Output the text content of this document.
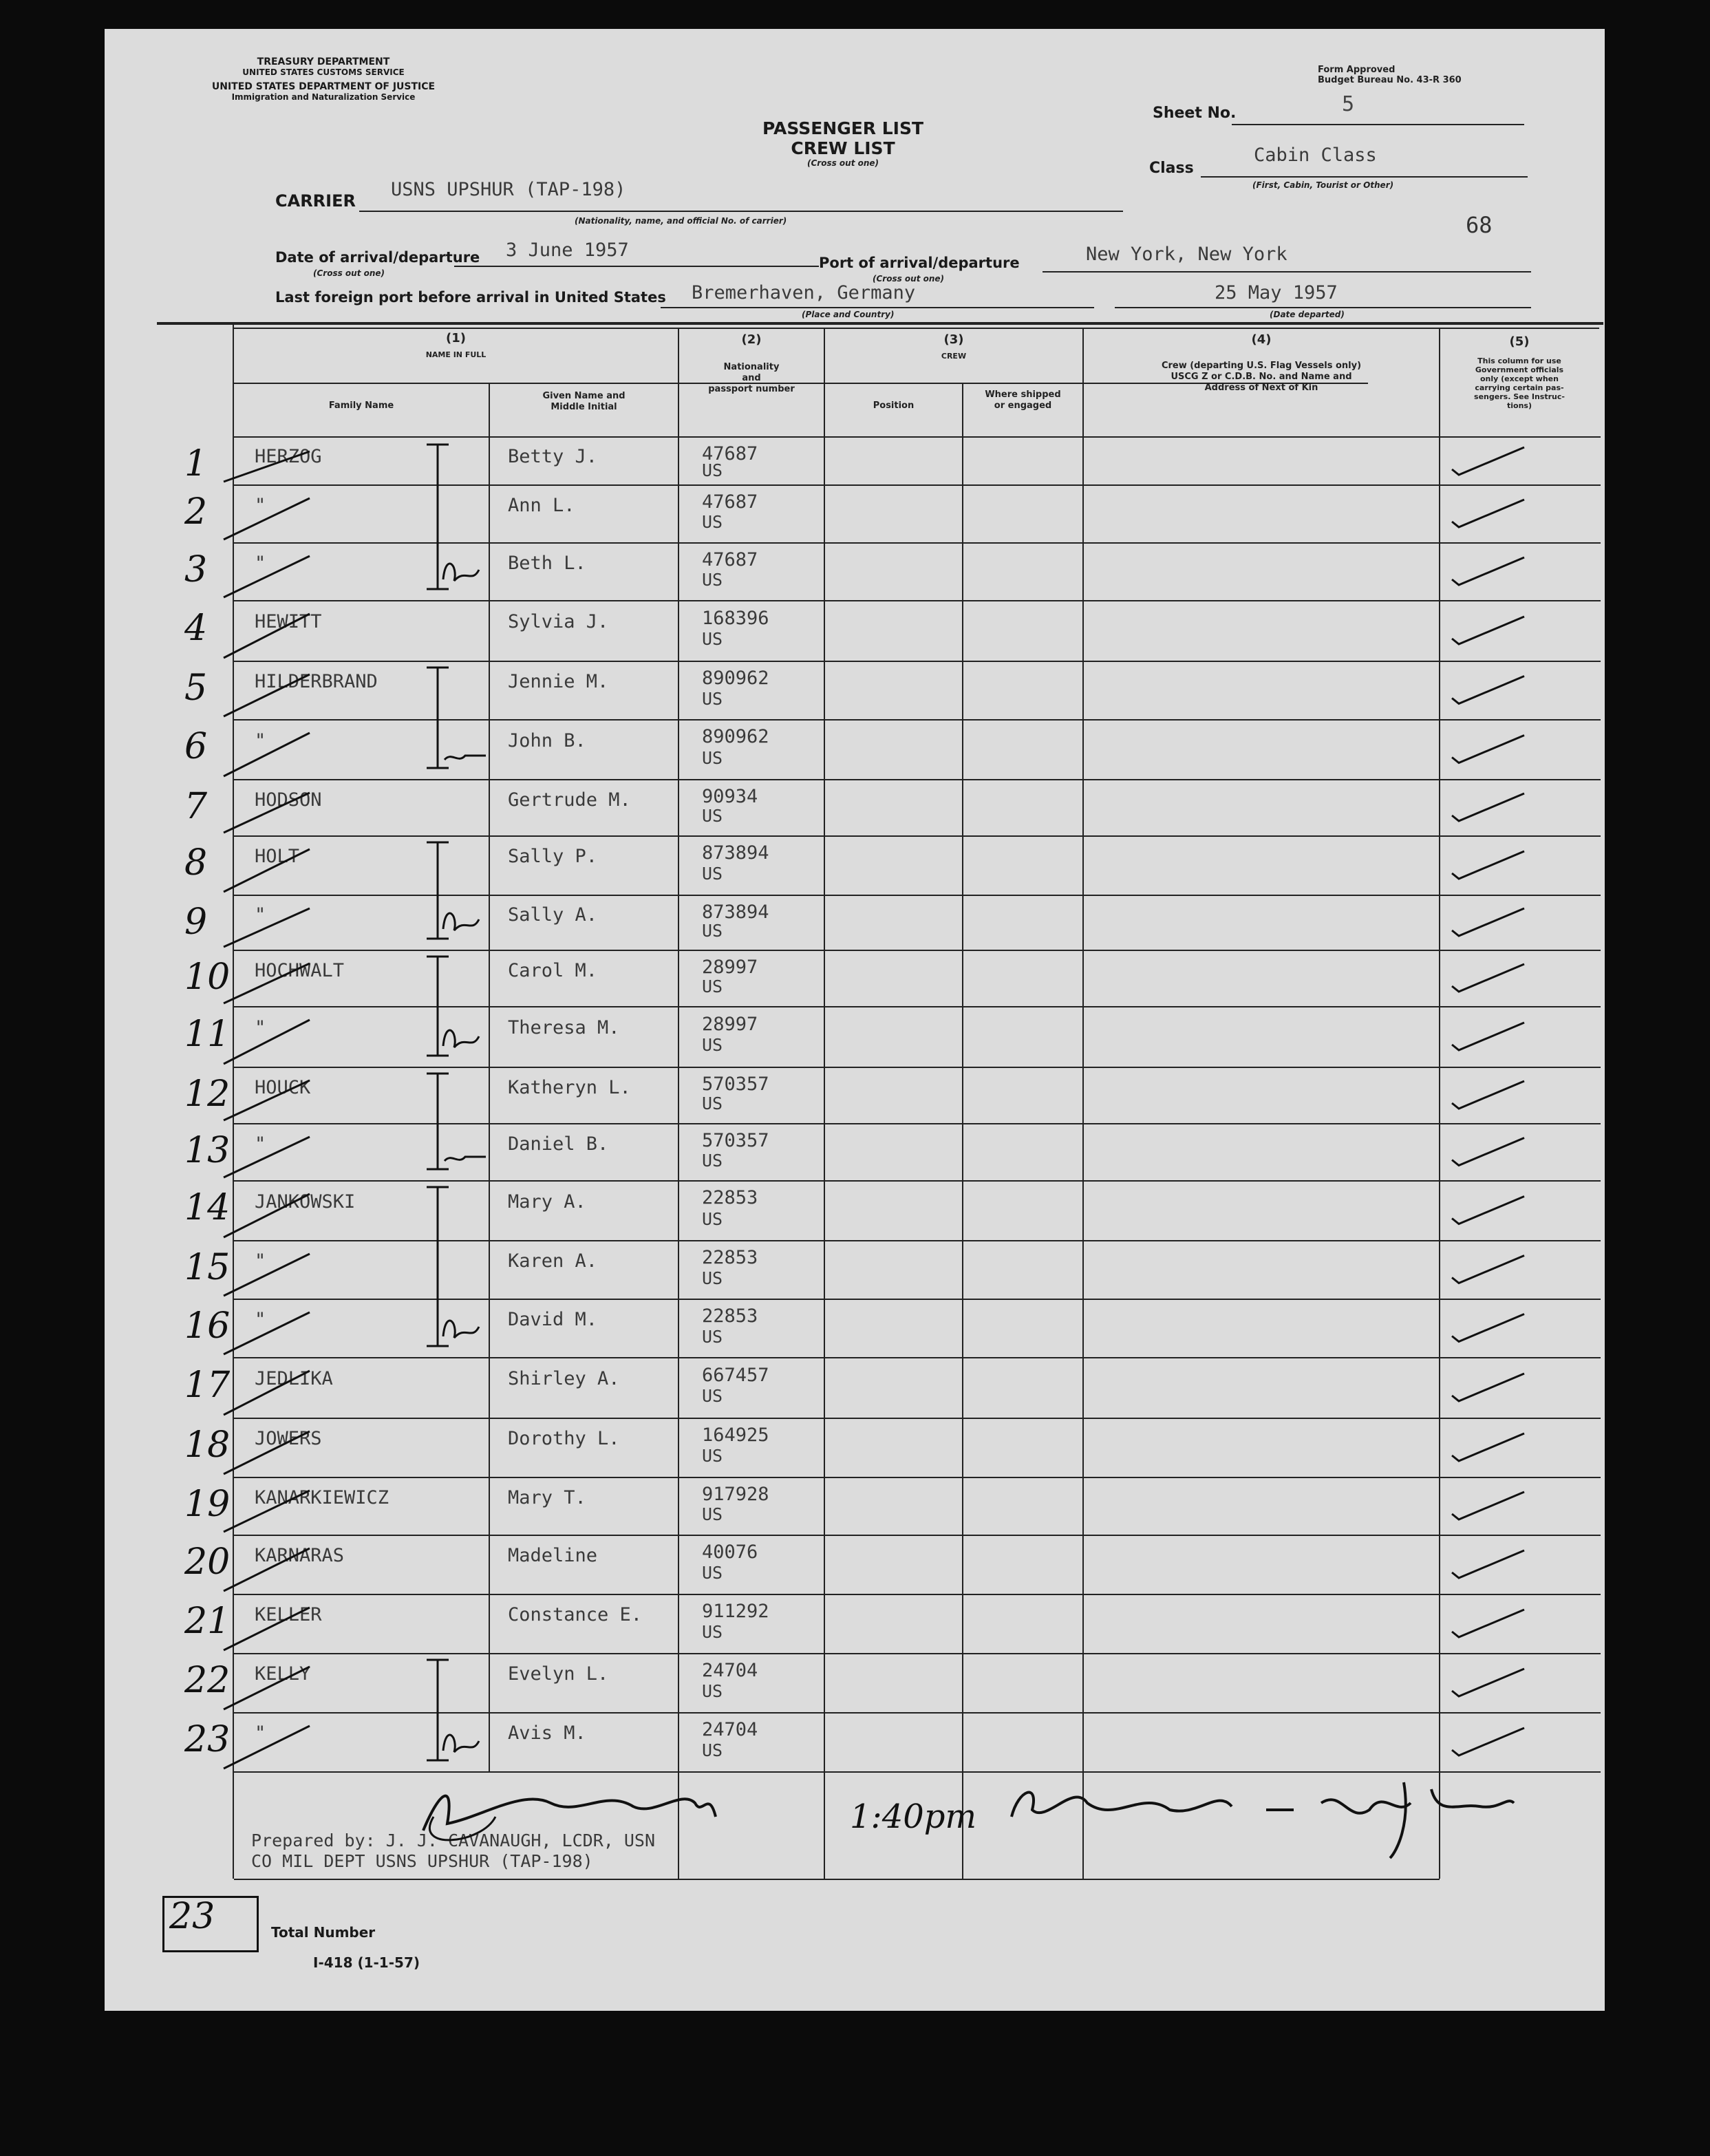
TREASURY DEPARTMENT
UNITED STATES CUSTOMS SERVICE
UNITED STATES DEPARTMENT OF JUSTICE
Immigration and Naturalization Service
Form Approved
Budget Bureau No. 43-R 360
PASSENGER LIST
CREW LIST
(Cross out one)
Sheet No.	5
Class
Cabin Class
(First, Cabin, Tourist or Other)
68
CARRIER
USNS UPSHUR (TAP-198)
(Nationality, name, and official No. of carrier)
Date of arrival/departure
(Cross out one)
3 June 1957
Port of arrival/departure
(Cross out one)
New York, New York
Last foreign port before arrival in United States Bremerhaven, Germany
(Place and Country)
25 May 1957
(Date departed)
(1)
NAME IN FULL
Family Name
Given Name and
Middle Initial
(2)
Nationality
and
passport number
(3)
CREW
Position
Where shipped
or engaged
(4)
Crew (departing U.S. Flag Vessels only)
USCG Z or C.D.B. No. and Name and
Address of Next of Kin
(5)
This column for use
Government officials
only (except when
carrying certain pas-
sengers. See Instruc-
tions)
1	HERZOG	Betty J.	47687
US
2	"	Ann L.	47687
US
3	"	Beth L.	47687
US
4	HEWITT	Sylvia J.	168396
US
5	HILDERBRAND	Jennie M.	890962
US
6	"	John B.	890962
US
7	HODSON	Gertrude M.	90934
US
8	HOLT	Sally P.	873894
US
9	"	Sally A.	873894
US
10 HOCHWALT	Carol M.	28997
US
11 "	Theresa M.	28997
US
12 HOUCK	Katheryn L.	570357
US
13 "	Daniel B.	570357
US
14 JANKOWSKI	Mary A.	22853
US
15 "	Karen A.	22853
US
16 "	David M.	22853
US
17 JEDLIKA	Shirley A.	667457
US
18 JOWERS	Dorothy L.	164925
US
19 KANARKIEWICZ	Mary T.	917928
US
20 KARNARAS	Madeline	40076
US
21 KELLER	Constance E.	911292
US
22 KELLY	Evelyn L.	24704
US
23 "	Avis M.	24704
US
Prepared by: J. J. CAVANAUGH, LCDR, USN
CO MIL DEPT USNS UPSHUR (TAP-198)
1:40pm
23	Total Number
I-418 (1-1-57)
